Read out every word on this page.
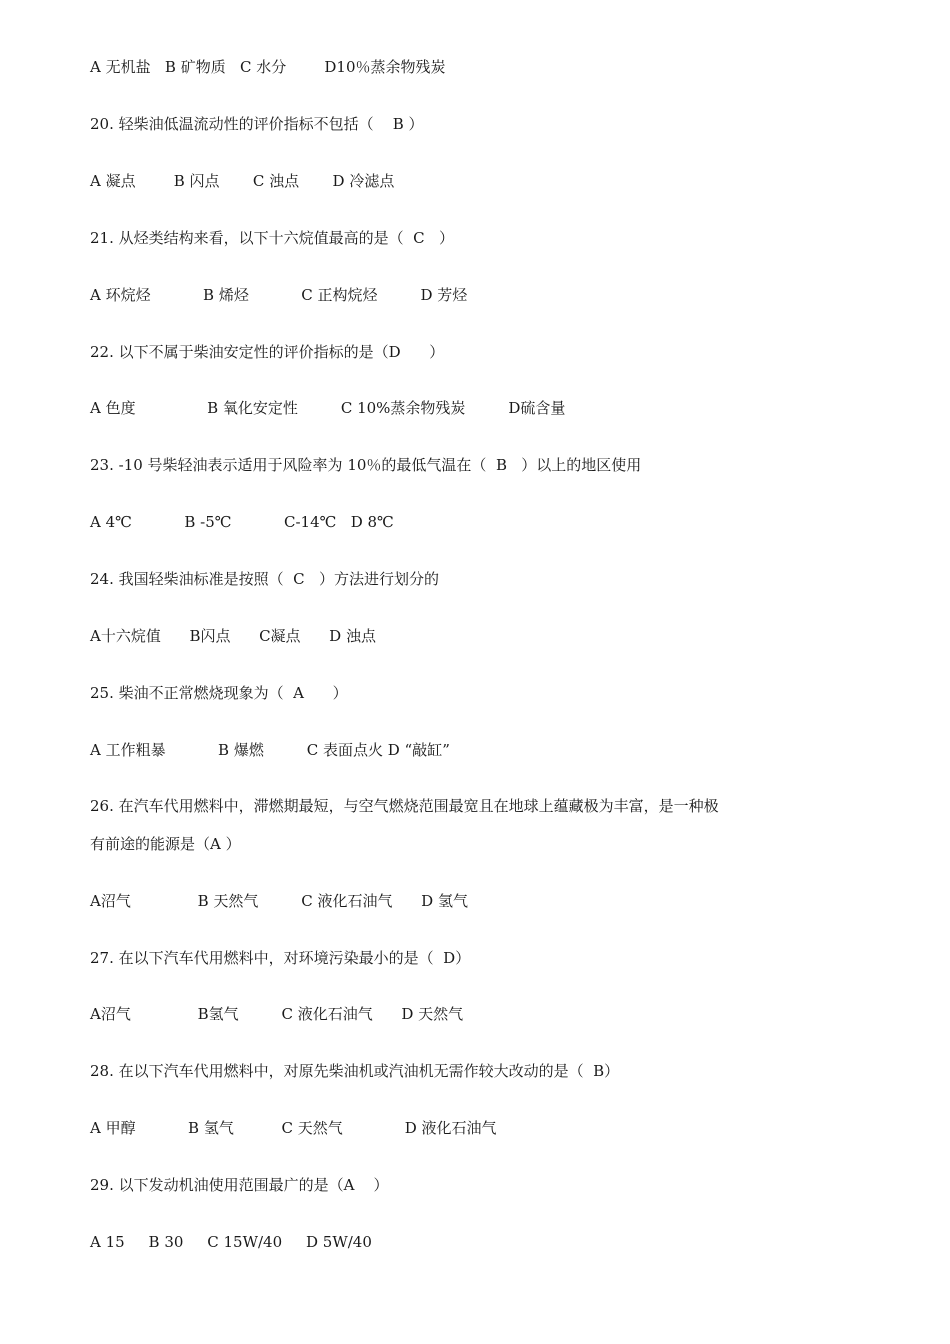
A 无机盐   B 矿物质   C 水分        D10％蒸余物残炭
20. 轻柴油低温流动性的评价指标不包括（    B ）
A 凝点        B 闪点       C 浊点       D 冷滤点
21. 从烃类结构来看，以下十六烷值最高的是（  C   ）
A 环烷烃           B 烯烃           C 正构烷烃         D 芳烃
22. 以下不属于柴油安定性的评价指标的是（D      ）
A 色度               B 氧化安定性         C 10%蒸余物残炭         D硫含量
23. -10 号柴轻油表示适用于风险率为 10％的最低气温在（  B   ）以上的地区使用
A 4℃           B -5℃           C-14℃   D 8℃
24. 我国轻柴油标准是按照（  C   ）方法进行划分的
A十六烷值      B闪点      C凝点      D 浊点
25. 柴油不正常燃烧现象为（  A      ）
A 工作粗暴           B 爆燃         C 表面点火 D “敲缸”
26. 在汽车代用燃料中，滞燃期最短，与空气燃烧范围最宽且在地球上蕴藏极为丰富，是一种极
有前途的能源是（A ）
A沼气              B 天然气         C 液化石油气      D 氢气
27. 在以下汽车代用燃料中，对环境污染最小的是（  D）
A沼气              B氢气         C 液化石油气      D 天然气
28. 在以下汽车代用燃料中，对原先柴油机或汽油机无需作较大改动的是（  B）
A 甲醇           B 氢气          C 天然气             D 液化石油气
29. 以下发动机油使用范围最广的是（A    ）
A 15     B 30     C 15W/40     D 5W/40
